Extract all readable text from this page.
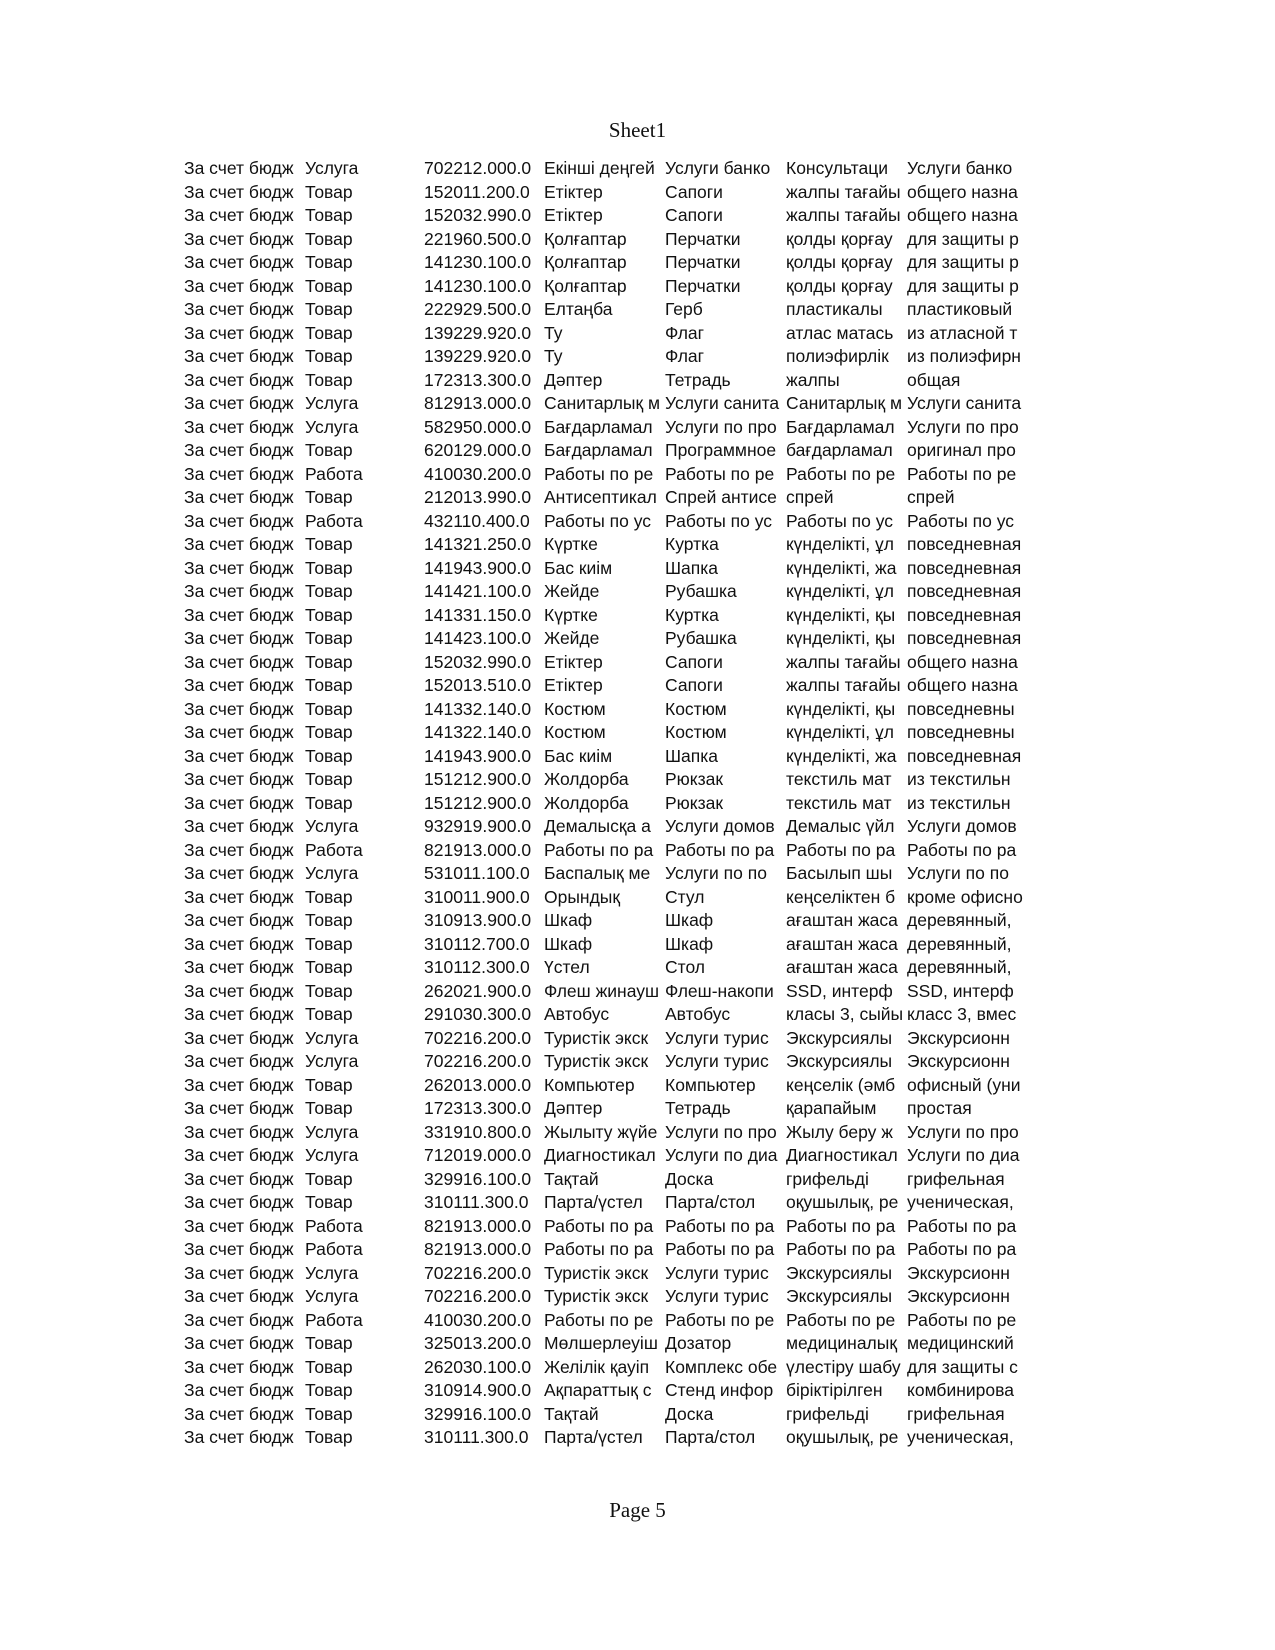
Sheet1
За счет бюдж	Услуга	702212.000.0	Екінші деңгей	Услуги банко	Консультаци	Услуги банко
За счет бюдж	Товар	152011.200.0	Етіктер	Сапоги	жалпы тағайы	общего назна
За счет бюдж	Товар	152032.990.0	Етіктер	Сапоги	жалпы тағайы	общего назна
За счет бюдж	Товар	221960.500.0	Қолғаптар	Перчатки	қолды қорғау	для защиты р
За счет бюдж	Товар	141230.100.0	Қолғаптар	Перчатки	қолды қорғау	для защиты р
За счет бюдж	Товар	141230.100.0	Қолғаптар	Перчатки	қолды қорғау	для защиты р
За счет бюдж	Товар	222929.500.0	Елтаңба	Герб	пластикалы	пластиковый
За счет бюдж	Товар	139229.920.0	Ту	Флаг	атлас матась	из атласной т
За счет бюдж	Товар	139229.920.0	Ту	Флаг	полиэфирлік	из полиэфирн
За счет бюдж	Товар	172313.300.0	Дәптер	Тетрадь	жалпы	общая
За счет бюдж	Услуга	812913.000.0	Санитарлық м	Услуги санита	Санитарлық м	Услуги санита
За счет бюдж	Услуга	582950.000.0	Бағдарламал	Услуги по про	Бағдарламал	Услуги по про
За счет бюдж	Товар	620129.000.0	Бағдарламал	Программное	бағдарламал	оригинал про
За счет бюдж	Работа	410030.200.0	Работы по ре	Работы по ре	Работы по ре	Работы по ре
За счет бюдж	Товар	212013.990.0	Антисептикал	Спрей антисе	спрей	спрей
За счет бюдж	Работа	432110.400.0	Работы по ус	Работы по ус	Работы по ус	Работы по ус
За счет бюдж	Товар	141321.250.0	Күртке	Куртка	күнделікті, ұл	повседневная
За счет бюдж	Товар	141943.900.0	Бас киім	Шапка	күнделікті, жа	повседневная
За счет бюдж	Товар	141421.100.0	Жейде	Рубашка	күнделікті, ұл	повседневная
За счет бюдж	Товар	141331.150.0	Күртке	Куртка	күнделікті, қы	повседневная
За счет бюдж	Товар	141423.100.0	Жейде	Рубашка	күнделікті, қы	повседневная
За счет бюдж	Товар	152032.990.0	Етіктер	Сапоги	жалпы тағайы	общего назна
За счет бюдж	Товар	152013.510.0	Етіктер	Сапоги	жалпы тағайы	общего назна
За счет бюдж	Товар	141332.140.0	Костюм	Костюм	күнделікті, қы	повседневны
За счет бюдж	Товар	141322.140.0	Костюм	Костюм	күнделікті, ұл	повседневны
За счет бюдж	Товар	141943.900.0	Бас киім	Шапка	күнделікті, жа	повседневная
За счет бюдж	Товар	151212.900.0	Жолдорба	Рюкзак	текстиль мат	из текстильн
За счет бюдж	Товар	151212.900.0	Жолдорба	Рюкзак	текстиль мат	из текстильн
За счет бюдж	Услуга	932919.900.0	Демалысқа а	Услуги домов	Демалыс үйл	Услуги домов
За счет бюдж	Работа	821913.000.0	Работы по ра	Работы по ра	Работы по ра	Работы по ра
За счет бюдж	Услуга	531011.100.0	Баспалық ме	Услуги по по	Басылып шы	Услуги по по
За счет бюдж	Товар	310011.900.0	Орындық	Стул	кеңселіктен б	кроме офисно
За счет бюдж	Товар	310913.900.0	Шкаф	Шкаф	ағаштан жаса	деревянный,
За счет бюдж	Товар	310112.700.0	Шкаф	Шкаф	ағаштан жаса	деревянный,
За счет бюдж	Товар	310112.300.0	Үстел	Стол	ағаштан жаса	деревянный,
За счет бюдж	Товар	262021.900.0	Флеш жинауш	Флеш-накопи	SSD, интерф	SSD, интерф
За счет бюдж	Товар	291030.300.0	Автобус	Автобус	класы 3, сыйы	класс 3, вмес
За счет бюдж	Услуга	702216.200.0	Туристік экск	Услуги турис	Экскурсиялы	Экскурсионн
За счет бюдж	Услуга	702216.200.0	Туристік экск	Услуги турис	Экскурсиялы	Экскурсионн
За счет бюдж	Товар	262013.000.0	Компьютер	Компьютер	кеңселік (әмб	офисный (уни
За счет бюдж	Товар	172313.300.0	Дәптер	Тетрадь	қарапайым	простая
За счет бюдж	Услуга	331910.800.0	Жылыту жүйе	Услуги по про	Жылу беру ж	Услуги по про
За счет бюдж	Услуга	712019.000.0	Диагностикал	Услуги по диа	Диагностикал	Услуги по диа
За счет бюдж	Товар	329916.100.0	Тақтай	Доска	грифельді	грифельная
За счет бюдж	Товар	310111.300.0	Парта/үстел	Парта/стол	оқушылық, ре	ученическая,
За счет бюдж	Работа	821913.000.0	Работы по ра	Работы по ра	Работы по ра	Работы по ра
За счет бюдж	Работа	821913.000.0	Работы по ра	Работы по ра	Работы по ра	Работы по ра
За счет бюдж	Услуга	702216.200.0	Туристік экск	Услуги турис	Экскурсиялы	Экскурсионн
За счет бюдж	Услуга	702216.200.0	Туристік экск	Услуги турис	Экскурсиялы	Экскурсионн
За счет бюдж	Работа	410030.200.0	Работы по ре	Работы по ре	Работы по ре	Работы по ре
За счет бюдж	Товар	325013.200.0	Мөлшерлеуіш	Дозатор	медициналық	медицинский
За счет бюдж	Товар	262030.100.0	Желілік қауіп	Комплекс обе	үлестіру шабу	для защиты с
За счет бюдж	Товар	310914.900.0	Ақпараттық с	Стенд инфор	біріктірілген	комбинирова
За счет бюдж	Товар	329916.100.0	Тақтай	Доска	грифельді	грифельная
За счет бюдж	Товар	310111.300.0	Парта/үстел	Парта/стол	оқушылық, ре	ученическая,
Page 5
